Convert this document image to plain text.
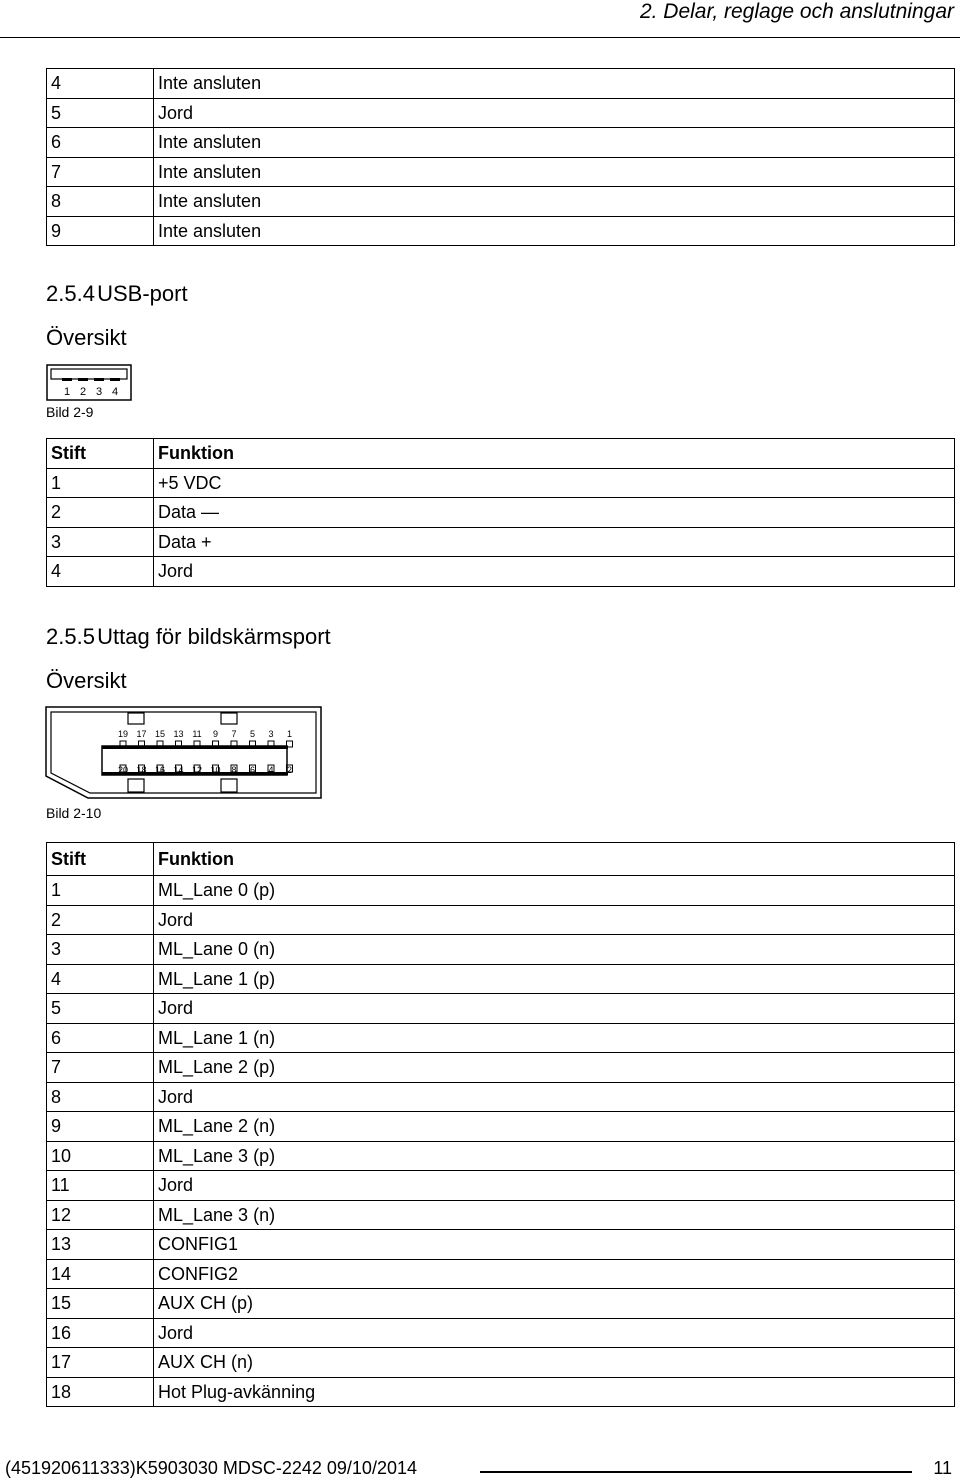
2. Delar, reglage och anslutningar
4	Inte ansluten
5	Jord
6	Inte ansluten
7	Inte ansluten
8	Inte ansluten
9	Inte ansluten
2.5.4 USB-port
Översikt
1 2 3 4
Bild 2-9
Stift	Funktion
1	+5 VDC
2	Data —
3	Data +
4	Jord
2.5.5 Uttag för bildskärmsport
Översikt
19 17 15 13 11 9 7 5 3 1
20 18 16 14 12 10 8 6 4 2
Bild 2-10
Stift	Funktion
1	ML_Lane 0 (p)
2	Jord
3	ML_Lane 0 (n)
4	ML_Lane 1 (p)
5	Jord
6	ML_Lane 1 (n)
7	ML_Lane 2 (p)
8	Jord
9	ML_Lane 2 (n)
10	ML_Lane 3 (p)
11	Jord
12	ML_Lane 3 (n)
13	CONFIG1
14	CONFIG2
15	AUX CH (p)
16	Jord
17	AUX CH (n)
18	Hot Plug-avkänning
(451920611333)K5903030 MDSC-2242 09/10/2014	11
